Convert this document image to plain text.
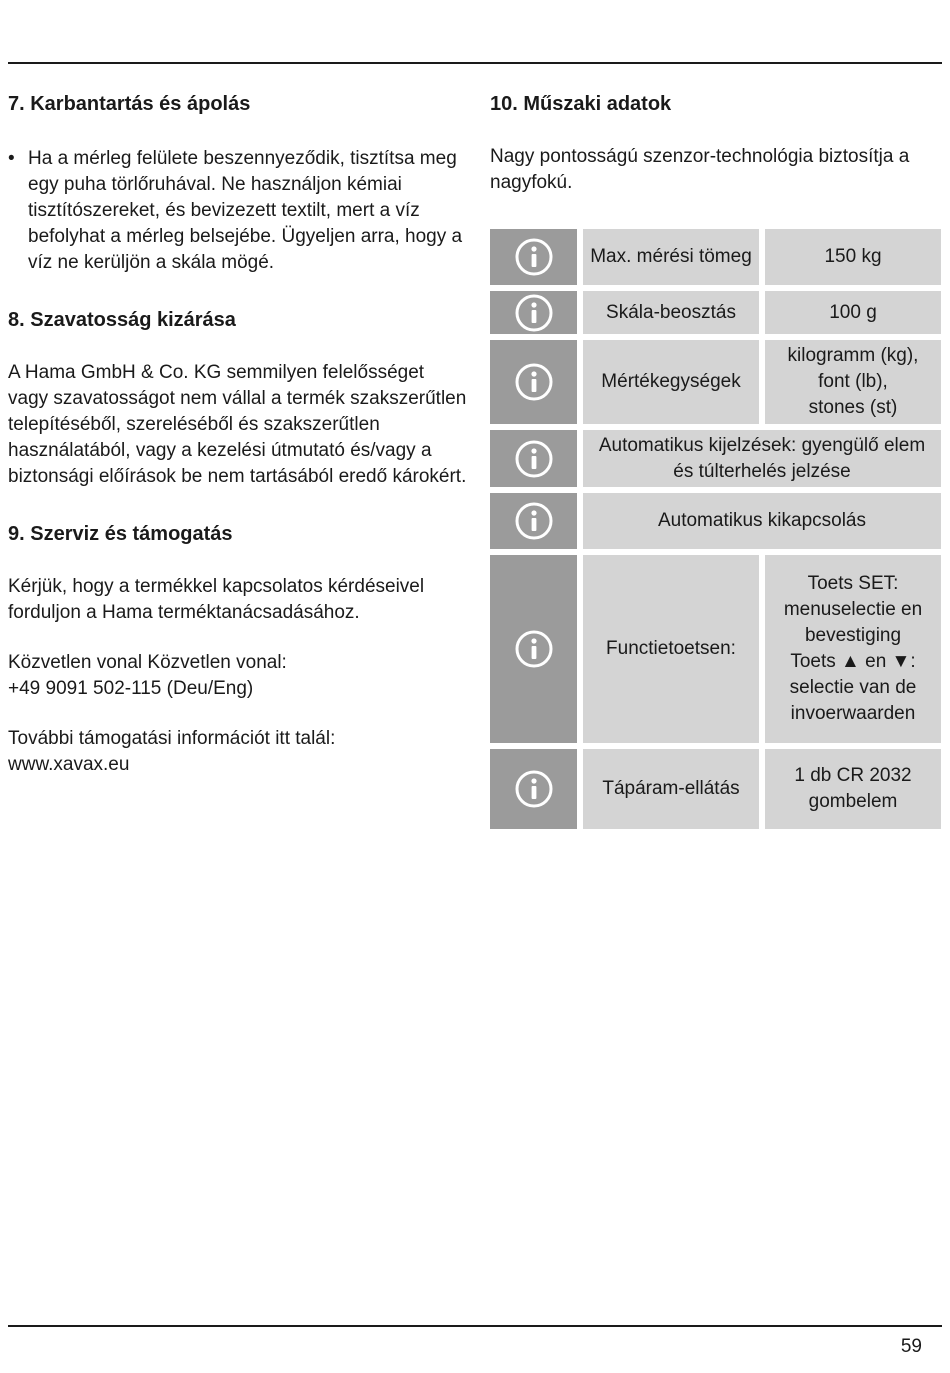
7. Karbantartás és ápolás
• Ha a mérleg felülete beszennyeződik, tisztítsa meg egy puha törlőruhával. Ne használjon kémiai tisztítószereket, és bevizezett textilt, mert a víz befolyhat a mérleg belsejébe. Ügyeljen arra, hogy a víz ne kerüljön a skála mögé.

8. Szavatosság kizárása

A Hama GmbH & Co. KG semmilyen felelősséget vagy szavatosságot nem vállal a termék szakszerűtlen telepítéséből, szereléséből és szakszerűtlen használatából, vagy a kezelési útmutató és/vagy a biztonsági előírások be nem tartásából eredő károkért.

9. Szerviz és támogatás

Kérjük, hogy a termékkel kapcsolatos kérdéseivel forduljon a Hama terméktanácsadásához.

Közvetlen vonal Közvetlen vonal:

+49 9091 502-115 (Deu/Eng)

További támogatási információt itt talál:

www.xavax.eu

10. Műszaki adatok

Nagy pontosságú szenzor-technológia biztosítja a nagyfokú.

Max. mérési tömeg	150 kg
Skála-beosztás	100 g
Mértékegységek
kilogramm (kg),
font (lb),
stones (st)
Automatikus kijelzések: gyengülő elem
és túlterhelés jelzése
Automatikus kikapcsolás
Functietoetsen:
Toets SET:
menuselectie en
bevestiging
Toets ▲ en ▼:
selectie van de
invoerwaarden
Tápáram-ellátás
1 db CR 2032
gombelem
59
